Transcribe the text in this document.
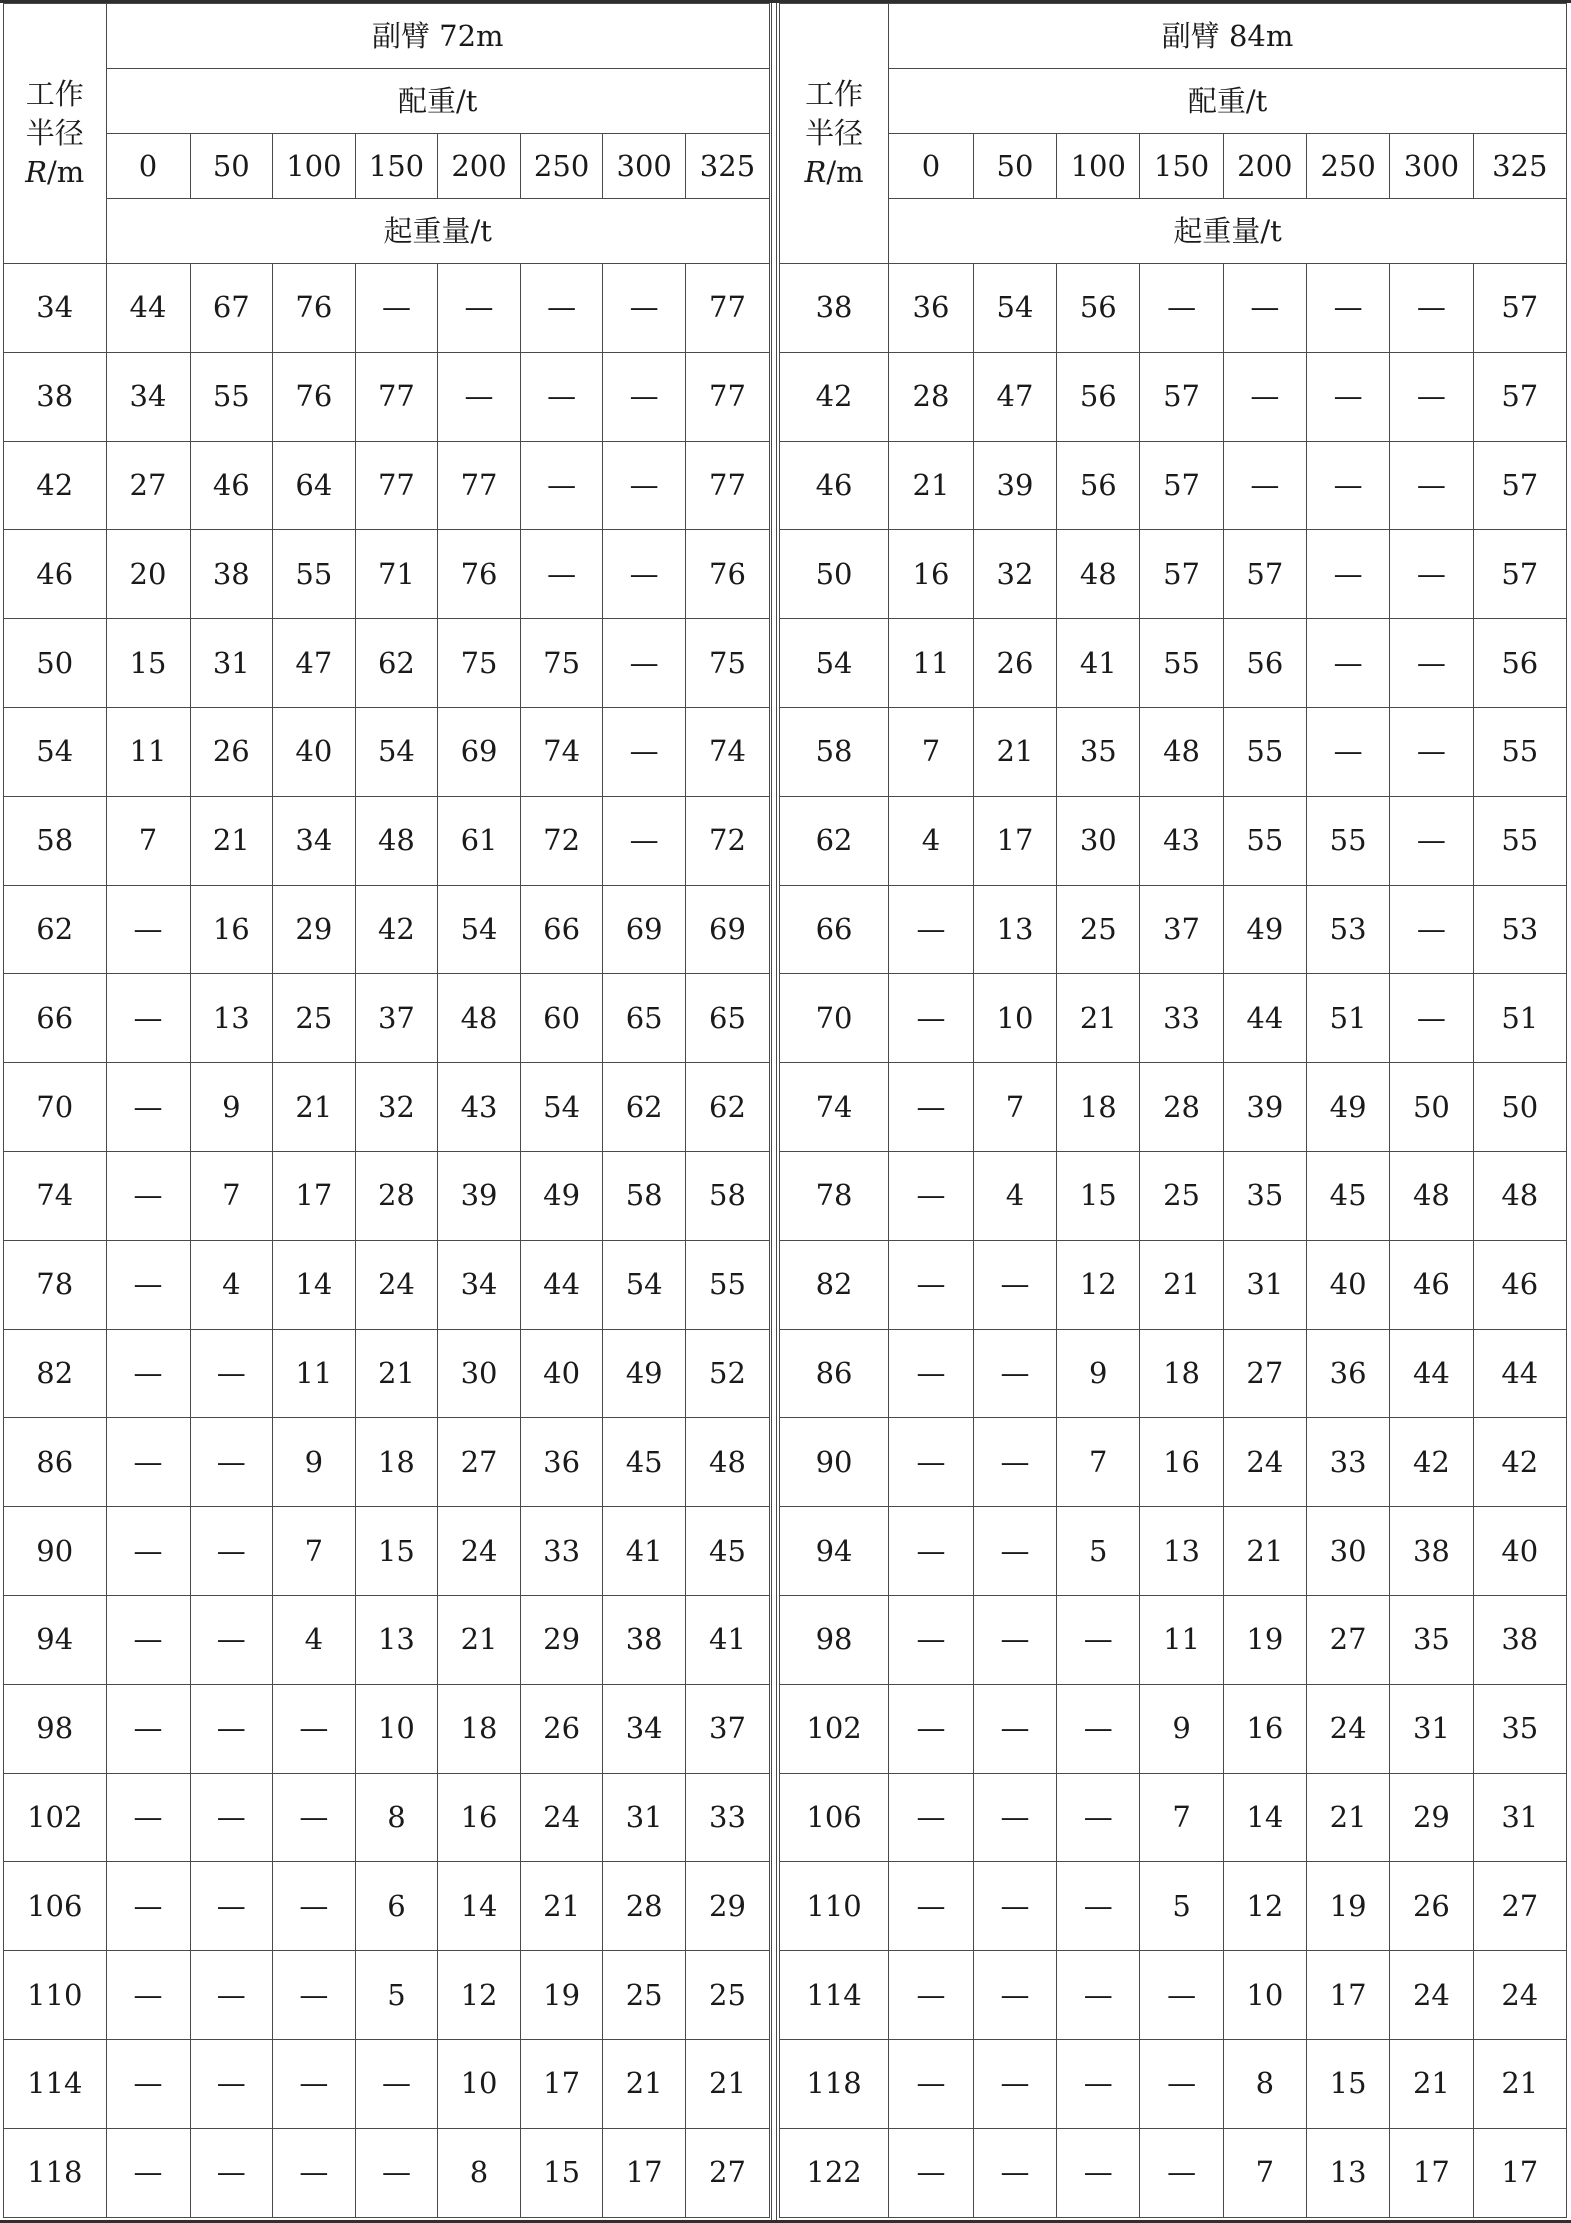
工作
半径
R/m	副臂 72m							
	配重/t							
	0	50	100	150	200	250	300	325
	起重量/t							
34	44	67	76	—	—	—	—	77
38	34	55	76	77	—	—	—	77
42	27	46	64	77	77	—	—	77
46	20	38	55	71	76	—	—	76
50	15	31	47	62	75	75	—	75
54	11	26	40	54	69	74	—	74
58	7	21	34	48	61	72	—	72
62	—	16	29	42	54	66	69	69
66	—	13	25	37	48	60	65	65
70	—	9	21	32	43	54	62	62
74	—	7	17	28	39	49	58	58
78	—	4	14	24	34	44	54	55
82	—	—	11	21	30	40	49	52
86	—	—	9	18	27	36	45	48
90	—	—	7	15	24	33	41	45
94	—	—	4	13	21	29	38	41
98	—	—	—	10	18	26	34	37
102	—	—	—	8	16	24	31	33
106	—	—	—	6	14	21	28	29
110	—	—	—	5	12	19	25	25
114	—	—	—	—	10	17	21	21
118	—	—	—	—	8	15	17	27
工作
半径
R/m	副臂 84m							
	配重/t							
	0	50	100	150	200	250	300	325
	起重量/t							
38	36	54	56	—	—	—	—	57
42	28	47	56	57	—	—	—	57
46	21	39	56	57	—	—	—	57
50	16	32	48	57	57	—	—	57
54	11	26	41	55	56	—	—	56
58	7	21	35	48	55	—	—	55
62	4	17	30	43	55	55	—	55
66	—	13	25	37	49	53	—	53
70	—	10	21	33	44	51	—	51
74	—	7	18	28	39	49	50	50
78	—	4	15	25	35	45	48	48
82	—	—	12	21	31	40	46	46
86	—	—	9	18	27	36	44	44
90	—	—	7	16	24	33	42	42
94	—	—	5	13	21	30	38	40
98	—	—	—	11	19	27	35	38
102	—	—	—	9	16	24	31	35
106	—	—	—	7	14	21	29	31
110	—	—	—	5	12	19	26	27
114	—	—	—	—	10	17	24	24
118	—	—	—	—	8	15	21	21
122	—	—	—	—	7	13	17	17
